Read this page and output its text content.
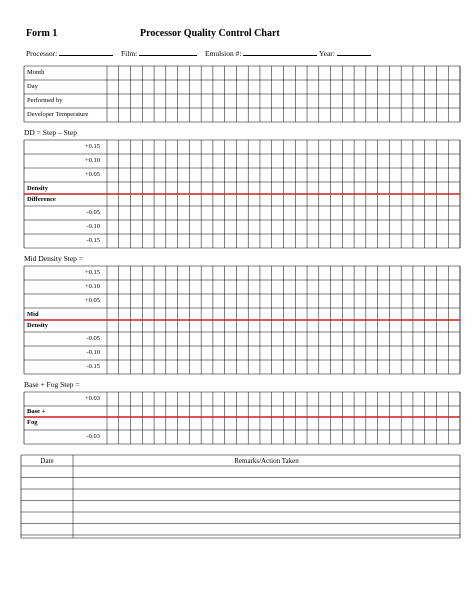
Form 1	Processor Quality Control Chart
Processor:	Film:	Emulsion #:	Year:
Month
Day
Performed by
Developer Temperature
DD = Step – Step
+0.15
+0.10
+0.05
Density
Difference
-0.05
-0.10
-0.15
Mid Density Step =
+0.15
+0.10
+0.05
Mid
Density
-0.05
-0.10
-0.15
Base + Fog Step =
+0.03
Base +
Fog
-0.03
Date	Remarks/Action Taken
